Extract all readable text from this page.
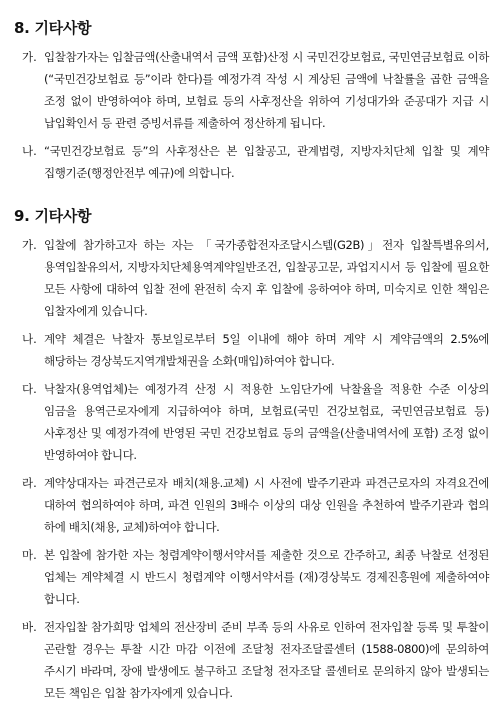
8. 기타사항
가. 입찰참가자는 입찰금액(산출내역서 금액 포함)산정 시 국민건강보험료, 국민연금보험료 이하(“국민건강보험료 등”이라 한다)를 예정가격 작성 시 계상된 금액에 낙찰률을 곱한 금액을 조정 없이 반영하여야 하며, 보험료 등의 사후정산을 위하여 기성대가와 준공대가 지급 시 납입확인서 등 관련 증빙서류를 제출하여 정산하게 됩니다.
나. “국민건강보험료 등”의 사후정산은 본 입찰공고, 관계법령, 지방자치단체 입찰 및 계약 집행기준(행정안전부 예규)에 의합니다.
9. 기타사항
가. 입찰에 참가하고자 하는 자는 「국가종합전자조달시스템(G2B)」전자 입찰특별유의서, 용역입찰유의서, 지방자치단체용역계약일반조건, 입찰공고문, 과업지시서 등 입찰에 필요한 모든 사항에 대하여 입찰 전에 완전히 숙지 후 입찰에 응하여야 하며, 미숙지로 인한 책임은 입찰자에게 있습니다.
나. 계약 체결은 낙찰자 통보일로부터 5일 이내에 해야 하며 계약 시 계약금액의 2.5%에 해당하는 경상북도지역개발채권을 소화(매입)하여야 합니다.
다. 낙찰자(용역업체)는 예정가격 산정 시 적용한 노임단가에 낙찰율을 적용한 수준 이상의 임금을 용역근로자에게 지급하여야 하며, 보험료(국민 건강보험료, 국민연금보험료 등) 사후정산 및 예정가격에 반영된 국민 건강보험료 등의 금액을(산출내역서에 포함) 조정 없이 반영하여야 합니다.
라. 계약상대자는 파견근로자 배치(채용.교체) 시 사전에 발주기관과 파견근로자의 자격요건에 대하여 협의하여야 하며, 파견 인원의 3배수 이상의 대상 인원을 추천하여 발주기관과 협의 하에 배치(채용, 교체)하여야 합니다.
마. 본 입찰에 참가한 자는 청렴계약이행서약서를 제출한 것으로 간주하고, 최종 낙찰로 선정된 업체는 계약체결 시 반드시 청렴계약 이행서약서를 (재)경상북도 경제진흥원에 제출하여야 합니다.
바. 전자입찰 참가희망 업체의 전산장비 준비 부족 등의 사유로 인하여 전자입찰 등록 및 투찰이 곤란할 경우는 투찰 시간 마감 이전에 조달청 전자조달콜센터 (1588-0800)에 문의하여 주시기 바라며, 장애 발생에도 불구하고 조달청 전자조달 콜센터로 문의하지 않아 발생되는 모든 책임은 입찰 참가자에게 있습니다.
